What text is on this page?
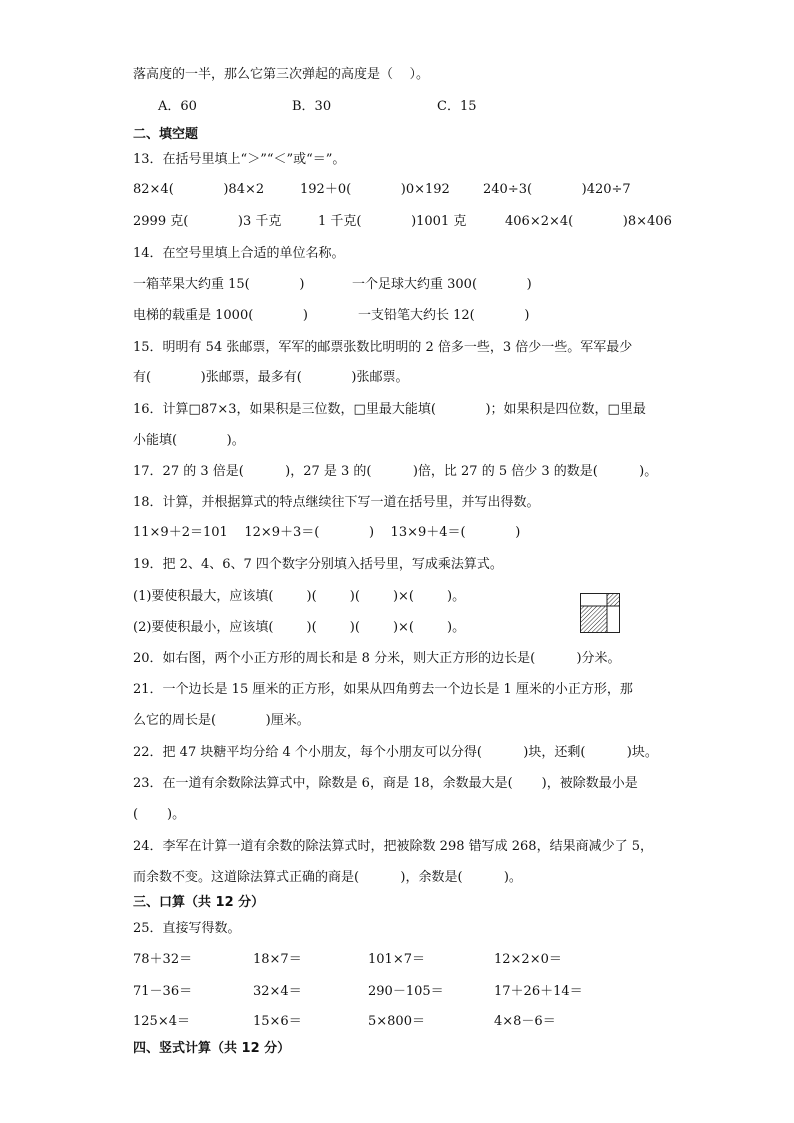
落高度的一半，那么它第三次弹起的高度是（    ）。
A．60	B．30	C．15
二、填空题
13．在括号里填上“＞”“＜”或“＝”。
82×4(            )84×2	192＋0(            )0×192	240÷3(            )420÷7
2999 克(            )3 千克	1 千克(            )1001 克	406×2×4(            )8×406
14．在空号里填上合适的单位名称。
一箱苹果大约重 15(            )	一个足球大约重 300(            )
电梯的载重是 1000(            )	一支铅笔大约长 12(            )
15．明明有 54 张邮票，军军的邮票张数比明明的 2 倍多一些，3 倍少一些。军军最少
有(            )张邮票，最多有(            )张邮票。
16．计算□87×3，如果积是三位数，□里最大能填(            )；如果积是四位数，□里最
小能填(            )。
17．27 的 3 倍是(          )，27 是 3 的(          )倍，比 27 的 5 倍少 3 的数是(          )。
18．计算，并根据算式的特点继续往下写一道在括号里，并写出得数。
11×9＋2＝101    12×9＋3＝(            )    13×9＋4＝(            )
19．把 2、4、6、7 四个数字分别填入括号里，写成乘法算式。
(1)要使积最大，应该填(        )(        )(        )×(        )。
(2)要使积最小，应该填(        )(        )(        )×(        )。
20．如右图，两个小正方形的周长和是 8 分米，则大正方形的边长是(          )分米。
21．一个边长是 15 厘米的正方形，如果从四角剪去一个边长是 1 厘米的小正方形，那
么它的周长是(            )厘米。
22．把 47 块糖平均分给 4 个小朋友，每个小朋友可以分得(          )块，还剩(          )块。
23．在一道有余数除法算式中，除数是 6，商是 18，余数最大是(       )，被除数最小是
(       )。
24．李军在计算一道有余数的除法算式时，把被除数 298 错写成 268，结果商减少了 5，
而余数不变。这道除法算式正确的商是(          )，余数是(          )。
三、口算（共 12 分）
25．直接写得数。
78＋32＝	18×7＝	101×7＝	12×2×0＝
71－36＝	32×4＝	290－105＝	17＋26＋14＝
125×4＝	15×6＝	5×800＝	4×8－6＝
四、竖式计算（共 12 分）
